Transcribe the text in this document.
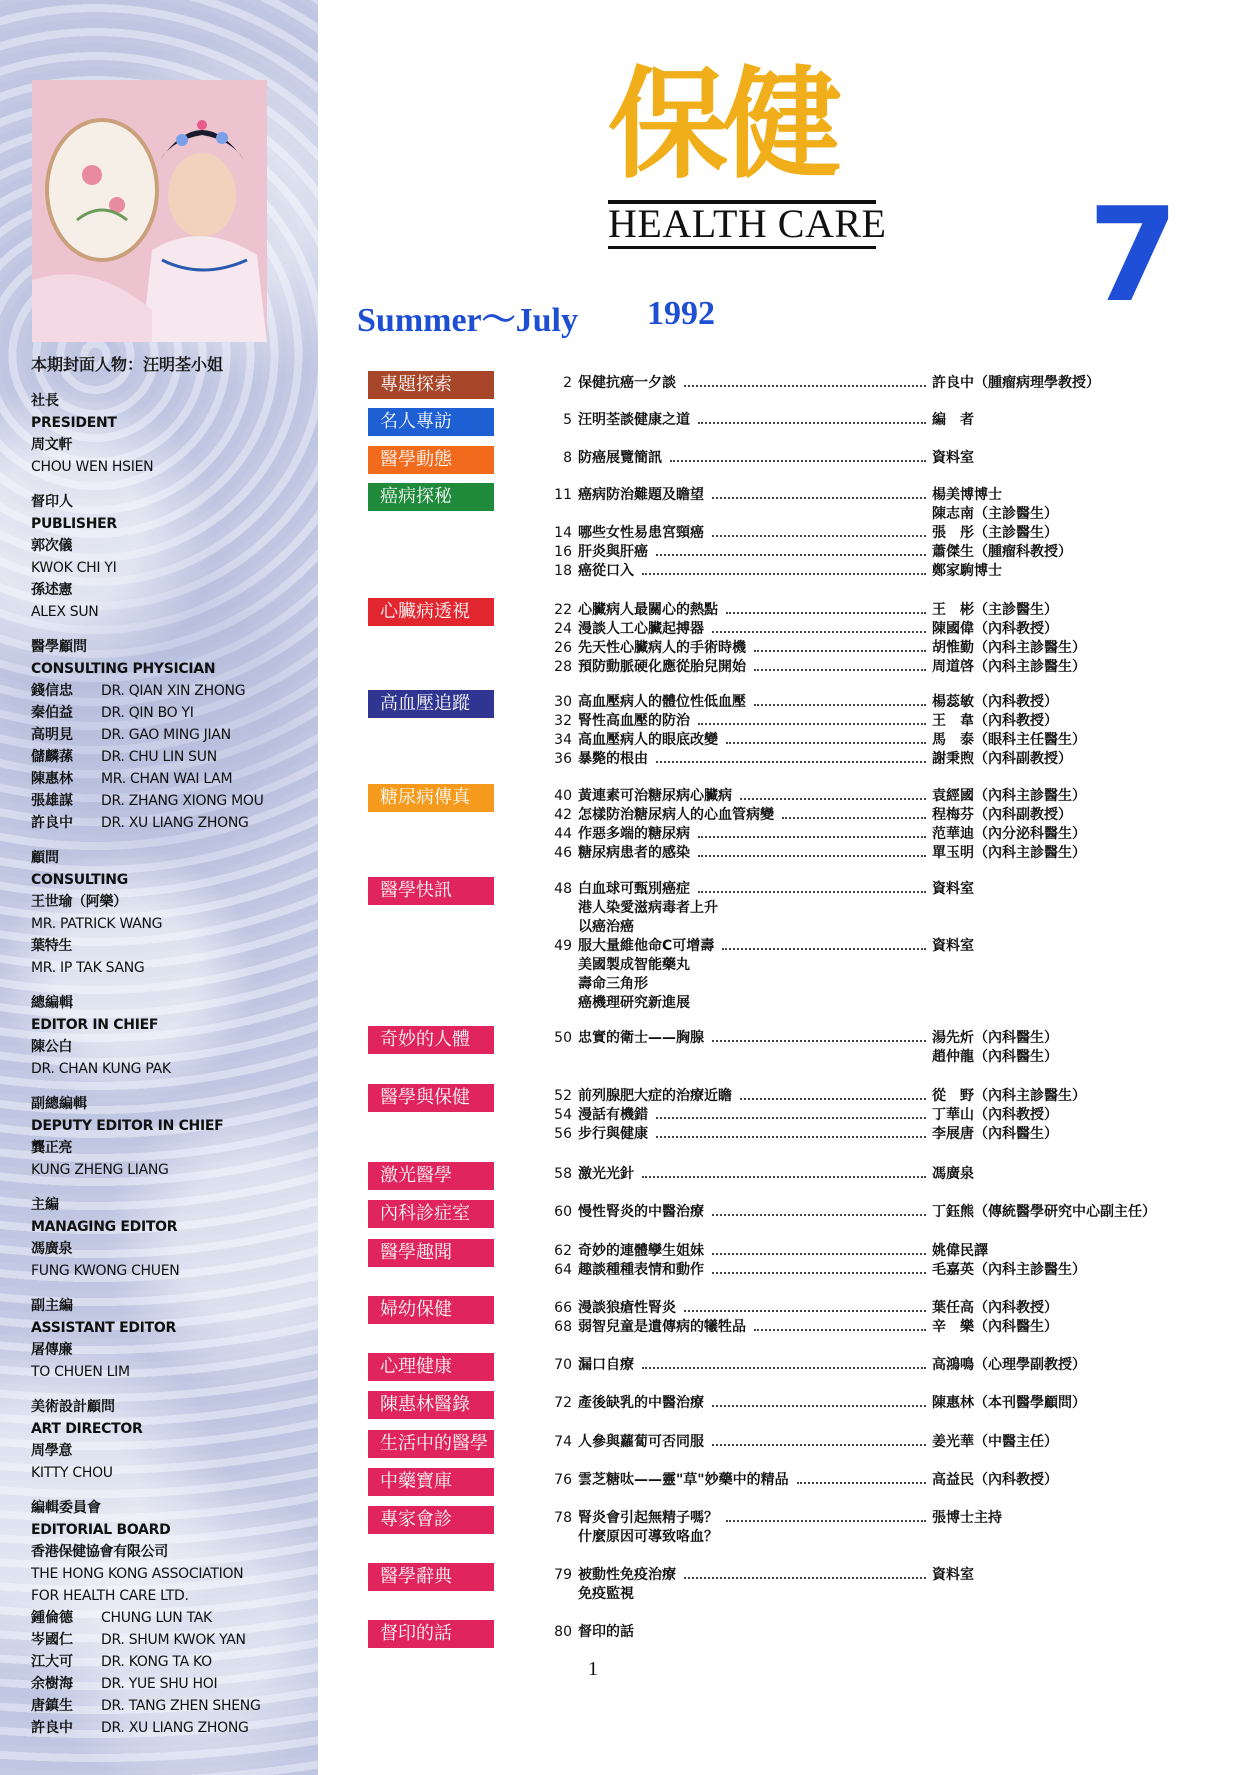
本期封面人物：汪明荃小姐
社長
PRESIDENT
周文軒
CHOU WEN HSIEN
督印人
PUBLISHER
郭次儀
KWOK CHI YI
孫述憲
ALEX SUN
醫學顧問
CONSULTING PHYSICIAN
錢信忠 DR. QIAN XIN ZHONG
秦伯益 DR. QIN BO YI
高明見 DR. GAO MING JIAN
儲麟蓀 DR. CHU LIN SUN
陳惠林 MR. CHAN WAI LAM
張雄謀 DR. ZHANG XIONG MOU
許良中 DR. XU LIANG ZHONG
顧問
CONSULTING
王世瑜（阿樂）
MR. PATRICK WANG
葉特生
MR. IP TAK SANG
總編輯
EDITOR IN CHIEF
陳公白
DR. CHAN KUNG PAK
副總編輯
DEPUTY EDITOR IN CHIEF
龔正亮
KUNG ZHENG LIANG
主編
MANAGING EDITOR
馮廣泉
FUNG KWONG CHUEN
副主編
ASSISTANT EDITOR
屠傳廉
TO CHUEN LIM
美術設計顧問
ART DIRECTOR
周學意
KITTY CHOU
編輯委員會
EDITORIAL BOARD
香港保健協會有限公司
THE HONG KONG ASSOCIATION
FOR HEALTH CARE LTD.
鍾倫德 CHUNG LUN TAK
岑國仁 DR. SHUM KWOK YAN
江大可 DR. KONG TA KO
余樹海 DR. YUE SHU HOI
唐鎮生 DR. TANG ZHEN SHENG
許良中 DR. XU LIANG ZHONG
保健
HEALTH CARE 7
Summer～July 1992
專題探索	2 保健抗癌一夕談	許良中（腫瘤病理學教授）
名人專訪	5 汪明荃談健康之道	編　者
醫學動態	8 防癌展覽簡訊	資料室
癌病探秘	11 癌病防治難題及瞻望	楊美博博士
陳志南（主診醫生）
14 哪些女性易患宮頸癌	張　彤（主診醫生）
16 肝炎與肝癌	蕭傑生（腫瘤科教授）
18 癌從口入	鄭家駒博士
心臟病透視	22 心臟病人最關心的熱點	王　彬（主診醫生）
24 漫談人工心臟起搏器	陳國偉（內科教授）
26 先天性心臟病人的手術時機	胡惟勤（內科主診醫生）
28 預防動脈硬化應從胎兒開始	周道啓（內科主診醫生）
高血壓追蹤	30 高血壓病人的體位性低血壓	楊蕊敏（內科教授）
32 腎性高血壓的防治	王　韋（內科教授）
34 高血壓病人的眼底改變	馬　泰（眼科主任醫生）
36 暴斃的根由	謝秉煦（內科副教授）
糖尿病傳真	40 黃連素可治糖尿病心臟病	袁經國（內科主診醫生）
42 怎樣防治糖尿病人的心血管病變	程梅芬（內科副教授）
44 作惡多端的糖尿病	范華迪（內分泌科醫生）
46 糖尿病患者的感染	單玉明（內科主診醫生）
醫學快訊	48 白血球可甄別癌症	資料室
港人染愛滋病毒者上升
以癌治癌
49 服大量維他命C可增壽	資料室
美國製成智能藥丸
壽命三角形
癌機理研究新進展
奇妙的人體	50 忠實的衛士——胸腺	湯先炘（內科醫生）
趙仲龍（內科醫生）
醫學與保健	52 前列腺肥大症的治療近瞻	從　野（內科主診醫生）
54 漫話有機錯	丁華山（內科教授）
56 步行與健康	李展唐（內科醫生）
激光醫學	58 激光光針	馮廣泉
內科診症室	60 慢性腎炎的中醫治療	丁鈺熊（傳統醫學研究中心副主任）
醫學趣聞	62 奇妙的連體孿生姐妹	姚偉民譯
64 趣談種種表情和動作	毛嘉英（內科主診醫生）
婦幼保健	66 漫談狼瘡性腎炎	葉任高（內科教授）
68 弱智兒童是遺傳病的犧牲品	辛　樂（內科醫生）
心理健康	70 漏口自療	高鴻鳴（心理學副教授）
陳惠林醫錄	72 產後缺乳的中醫治療	陳惠林（本刊醫學顧問）
生活中的醫學	74 人參與蘿蔔可否同服	姜光華（中醫主任）
中藥寶庫	76 雲芝糖呔——靈"草"妙藥中的精品	高益民（內科教授）
專家會診	78 腎炎會引起無精子嗎？	張博士主持
什麼原因可導致咯血？
醫學辭典	79 被動性免疫治療	資料室
免疫監視
督印的話	80 督印的話
1
